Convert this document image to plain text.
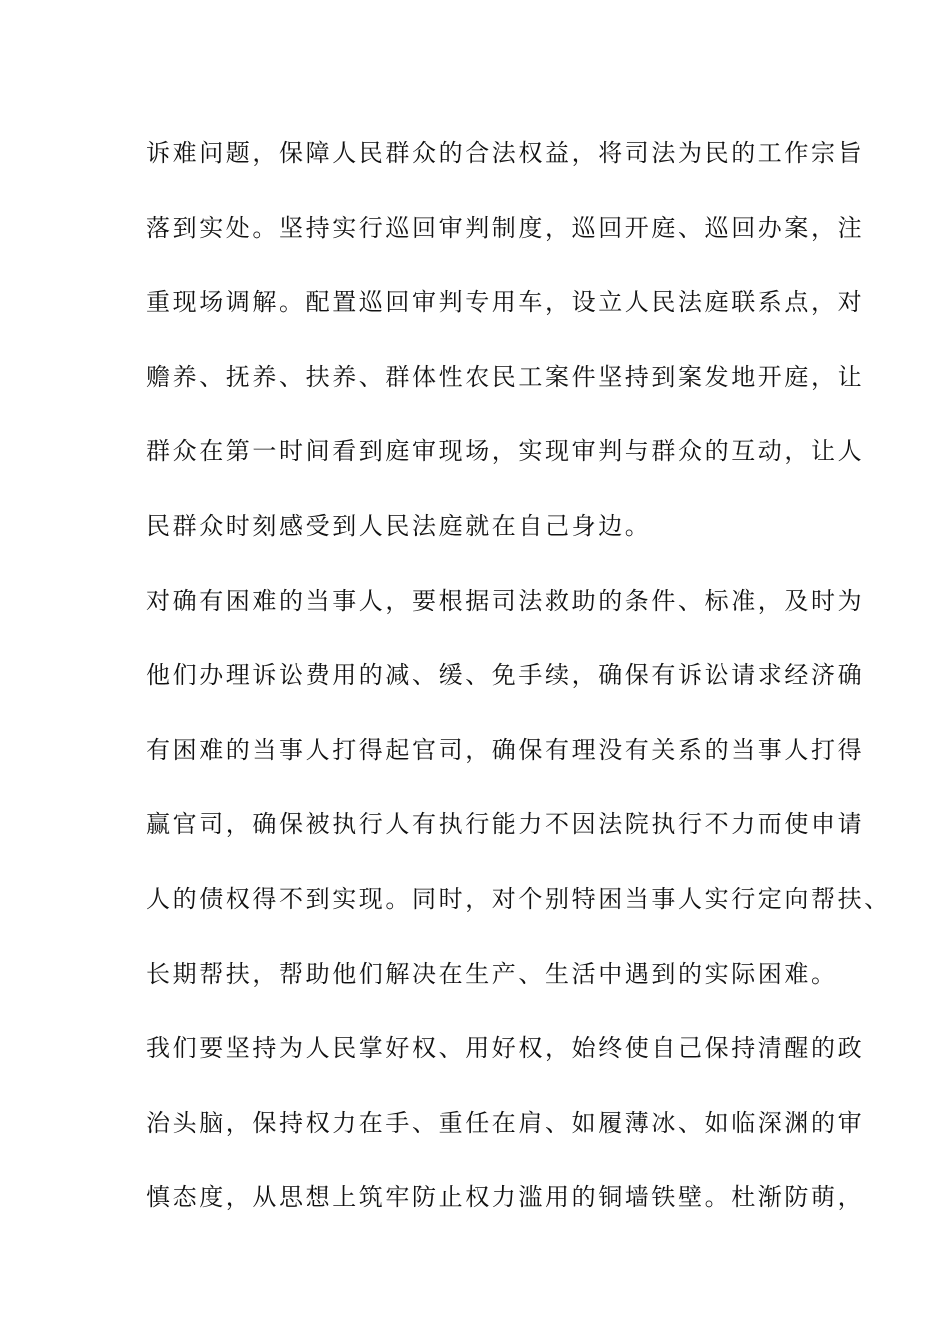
诉难问题，保障人民群众的合法权益，将司法为民的工作宗旨
落到实处。坚持实行巡回审判制度，巡回开庭、巡回办案，注
重现场调解。配置巡回审判专用车，设立人民法庭联系点，对
赡养、抚养、扶养、群体性农民工案件坚持到案发地开庭，让
群众在第一时间看到庭审现场，实现审判与群众的互动，让人
民群众时刻感受到人民法庭就在自己身边。
对确有困难的当事人，要根据司法救助的条件、标准，及时为
他们办理诉讼费用的减、缓、免手续，确保有诉讼请求经济确
有困难的当事人打得起官司，确保有理没有关系的当事人打得
赢官司，确保被执行人有执行能力不因法院执行不力而使申请
人的债权得不到实现。同时，对个别特困当事人实行定向帮扶、
长期帮扶，帮助他们解决在生产、生活中遇到的实际困难。
我们要坚持为人民掌好权、用好权，始终使自己保持清醒的政
治头脑，保持权力在手、重任在肩、如履薄冰、如临深渊的审
慎态度，从思想上筑牢防止权力滥用的铜墙铁壁。杜渐防萌，
